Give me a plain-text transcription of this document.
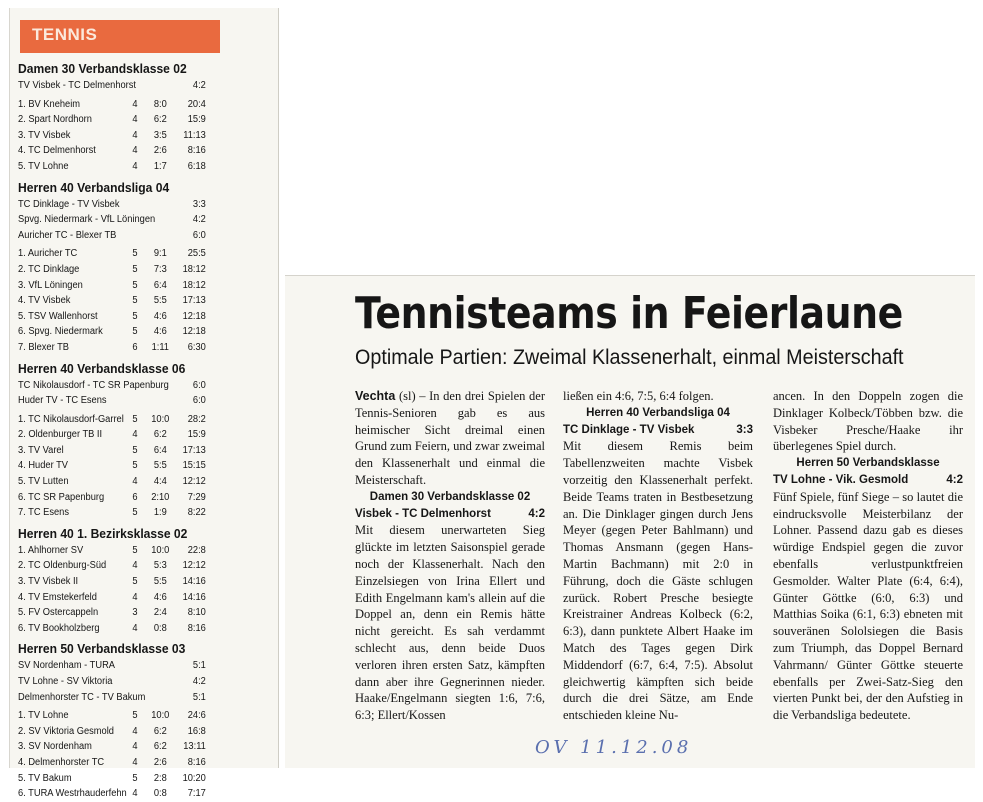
TENNIS
Damen 30 Verbandsklasse 02
TV Visbek - TC Delmenhorst	4:2
1. BV Kneheim	4 8:0	20:4
2. Spart Nordhorn	4 6:2	15:9
3. TV Visbek	4 3:5	11:13
4. TC Delmenhorst	4 2:6	8:16
5. TV Lohne	4 1:7	6:18
Herren 40 Verbandsliga 04
TC Dinklage - TV Visbek	3:3
Spvg. Niedermark - VfL Löningen	4:2
Auricher TC - Blexer TB	6:0
1. Auricher TC	5 9:1	25:5
2. TC Dinklage	5 7:3	18:12
3. VfL Löningen	5 6:4	18:12
4. TV Visbek	5 5:5	17:13
5. TSV Wallenhorst	5 4:6	12:18
6. Spvg. Niedermark	5 4:6	12:18
7. Blexer TB	6 1:11	6:30
Herren 40 Verbandsklasse 06
TC Nikolausdorf - TC SR Papenburg 6:0
Huder TV - TC Esens	6:0
1. TC Nikolausdorf-Garrel 5 10:0	28:2
2. Oldenburger TB II	4 6:2	15:9
3. TV Varel	5 6:4	17:13
4. Huder TV	5 5:5	15:15
5. TV Lutten	4 4:4	12:12
6. TC SR Papenburg	6 2:10	7:29
7. TC Esens	5 1:9	8:22
Herren 40 1. Bezirksklasse 02
1. Ahlhorner SV	5 10:0	22:8
2. TC Oldenburg-Süd	4 5:3	12:12
3. TV Visbek II	5 5:5	14:16
4. TV Emstekerfeld	4 4:6	14:16
5. FV Ostercappeln	3 2:4	8:10
6. TV Bookholzberg	4 0:8	8:16
Herren 50 Verbandsklasse 03
SV Nordenham - TURA	5:1
TV Lohne - SV Viktoria	4:2
Delmenhorster TC - TV Bakum	5:1
1. TV Lohne	5 10:0	24:6
2. SV Viktoria Gesmold 4 6:2	16:8
3. SV Nordenham	4 6:2	13:11
4. Delmenhorster TC	4 2:6	8:16
5. TV Bakum	5 2:8	10:20
6. TURA Westrhauderfehn 4 0:8	7:17
Tennisteams in Feierlaune
Optimale Partien: Zweimal Klassenerhalt, einmal Meisterschaft

Vechta (sl) – In den drei Spielen der Tennis-Senioren gab es aus heimischer Sicht dreimal einen Grund zum Feiern, und zwar zweimal den Klassenerhalt und einmal die Meisterschaft.

Damen 30 Verbandsklasse 02
Visbek - TC Delmenhorst	4:2

Mit diesem unerwarteten Sieg glückte im letzten Saisonspiel gerade noch der Klassenerhalt. Nach den Einzelsiegen von Irina Ellert und Edith Engelmann kam's allein auf die Doppel an, denn ein Remis hätte nicht gereicht. Es sah verdammt schlecht aus, denn beide Duos verloren ihren ersten Satz, kämpften dann aber ihre Gegnerinnen nieder. Haake/Engelmann siegten 1:6, 7:6, 6:3; Ellert/Kossen

ließen ein 4:6, 7:5, 6:4 folgen.

Herren 40 Verbandsliga 04
TC Dinklage - TV Visbek	3:3

Mit diesem Remis beim Tabellenzweiten machte Visbek vorzeitig den Klassenerhalt perfekt. Beide Teams traten in Bestbesetzung an. Die Dinklager gingen durch Jens Meyer (gegen Peter Bahlmann) und Thomas Ansmann (gegen Hans-Martin Bachmann) mit 2:0 in Führung, doch die Gäste schlugen zurück. Robert Presche besiegte Kreistrainer Andreas Kolbeck (6:2, 6:3), dann punktete Albert Haake im Match des Tages gegen Dirk Middendorf (6:7, 6:4, 7:5). Absolut gleichwertig kämpften sich beide durch die drei Sätze, am Ende entschieden kleine Nu-

ancen. In den Doppeln zogen die Dinklager Kolbeck/Többen bzw. die Visbeker Presche/Haake ihr überlegenes Spiel durch.

Herren 50 Verbandsklasse
TV Lohne - Vik. Gesmold	4:2

Fünf Spiele, fünf Siege – so lautet die eindrucksvolle Meisterbilanz der Lohner. Passend dazu gab es dieses würdige Endspiel gegen die zuvor ebenfalls verlustpunktfreien Gesmolder. Walter Plate (6:4, 6:4), Günter Göttke (6:0, 6:3) und Matthias Soika (6:1, 6:3) ebneten mit souveränen Sololsiegen die Basis zum Triumph, das Doppel Bernard Vahrmann/ Günter Göttke steuerte ebenfalls per Zwei-Satz-Sieg den vierten Punkt bei, der den Aufstieg in die Verbandsliga bedeutete.

OV 11.12.08
